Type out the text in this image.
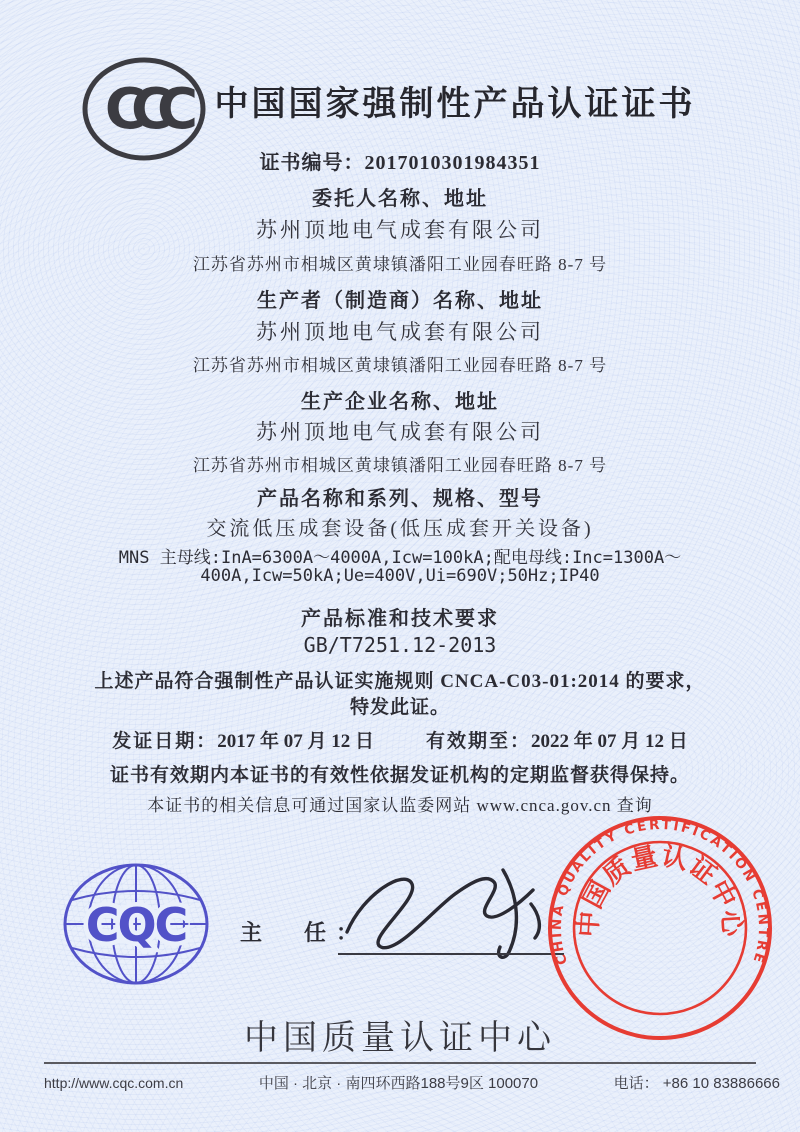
CCC 中国国家强制性产品认证证书
证书编号：2017010301984351
委托人名称、地址
苏州顶地电气成套有限公司
江苏省苏州市相城区黄埭镇潘阳工业园春旺路 8-7 号
生产者（制造商）名称、地址
苏州顶地电气成套有限公司
江苏省苏州市相城区黄埭镇潘阳工业园春旺路 8-7 号
生产企业名称、地址
苏州顶地电气成套有限公司
江苏省苏州市相城区黄埭镇潘阳工业园春旺路 8-7 号
产品名称和系列、规格、型号
交流低压成套设备(低压成套开关设备)
MNS 主母线:InA=6300A～4000A,Icw=100kA;配电母线:Inc=1300A～
400A,Icw=50kA;Ue=400V,Ui=690V;50Hz;IP40
产品标准和技术要求
GB/T7251.12-2013
上述产品符合强制性产品认证实施规则 CNCA-C03-01:2014 的要求，
特发此证。
发证日期：2017 年 07 月 12 日	有效期至：2022 年 07 月 12 日
证书有效期内本证书的有效性依据发证机构的定期监督获得保持。
本证书的相关信息可通过国家认监委网站 www.cnca.gov.cn 查询
CQC 主　任：
CHINA QUALITY CERTIFICATION CENTRE
中国质量认证中心
中国质量认证中心
http://www.cqc.com.cn	中国 · 北京 · 南四环西路188号9区 100070	电话： +86 10 83886666
